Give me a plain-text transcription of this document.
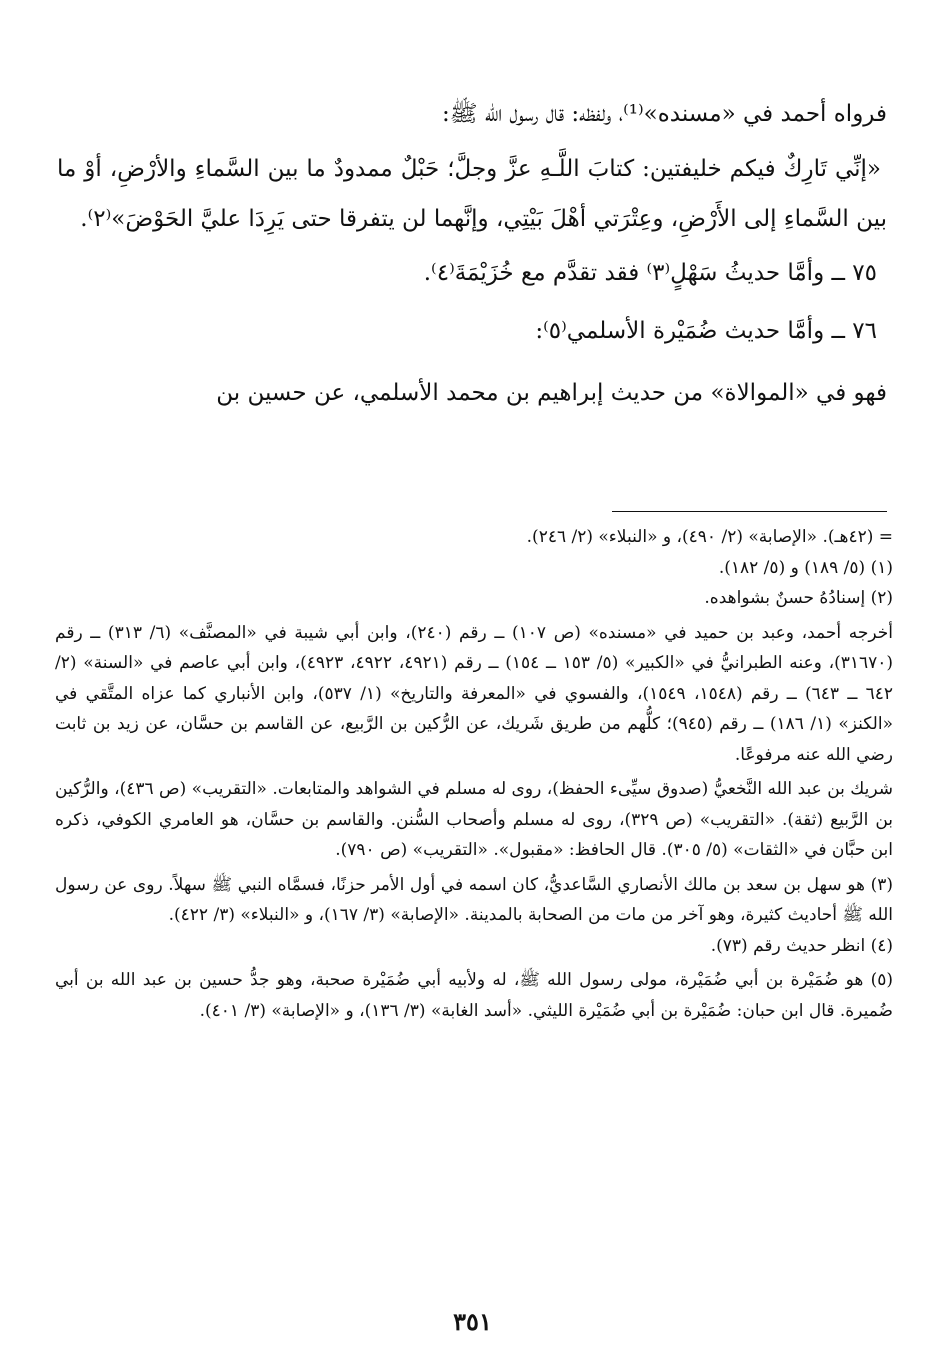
فرواه أحمد في «مسنده»⁽¹⁾، ولفظه: قال رسول الله ﷺ:

«إنِّي تَارِكٌ فيكم خليفتين: كتابَ اللَّـهِ عزَّ وجلَّ؛ حَبْلٌ ممدودٌ ما بين السَّماءِ والأرْضِ، أوْ ما بين السَّماءِ إلى الأَرْضِ، وعِتْرَتي أهْلَ بَيْتِي، وإنَّهما لن يتفرقا حتى يَرِدَا عليَّ الحَوْضَ»⁽٢⁾.

٧٥ ــ وأمَّا حديثُ سَهْلٍ⁽٣⁾ فقد تقدَّم مع خُزَيْمَةَ⁽٤⁾.

٧٦ ــ وأمَّا حديث ضُمَيْرة الأسلمي⁽٥⁾:

فهو في «الموالاة» من حديث إبراهيم بن محمد الأسلمي، عن حسين بن

= (٤٢هـ). «الإصابة» (٢/ ٤٩٠)، و «النبلاء» (٢/ ٢٤٦).

(١) (٥/ ١٨٩) و (٥/ ١٨٢).

(٢) إسنادُهُ حسنٌ بشواهده.

أخرجه أحمد، وعبد بن حميد في «مسنده» (ص ١٠٧) ــ رقم (٢٤٠)، وابن أبي شيبة في «المصنَّف» (٦/ ٣١٣) ــ رقم (٣١٦٧٠)، وعنه الطبرانيُّ في «الكبير» (٥/ ١٥٣ ــ ١٥٤) ــ رقم (٤٩٢١، ٤٩٢٢، ٤٩٢٣)، وابن أبي عاصم في «السنة» (٢/ ٦٤٢ ــ ٦٤٣) ــ رقم (١٥٤٨، ١٥٤٩)، والفسوي في «المعرفة والتاريخ» (١/ ٥٣٧)، وابن الأنباري كما عزاه المتَّقي في «الكنز» (١/ ١٨٦) ــ رقم (٩٤٥)؛ كلُّهم من طريق شَريك، عن الرُّكين بن الرَّبيع، عن القاسم بن حسَّان، عن زيد بن ثابت رضي الله عنه مرفوعًا.

شريك بن عبد الله النَّخعيُّ (صدوق سيِّىء الحفظ)، روى له مسلم في الشواهد والمتابعات. «التقريب» (ص ٤٣٦)، والرُّكين بن الرَّبيع (ثقة). «التقريب» (ص ٣٢٩)، روى له مسلم وأصحاب السُّنن. والقاسم بن حسَّان، هو العامري الكوفي، ذكره ابن حبَّان في «الثقات» (٥/ ٣٠٥). قال الحافظ: «مقبول». «التقريب» (ص ٧٩٠).

(٣) هو سهل بن سعد بن مالك الأنصاري السَّاعديُّ، كان اسمه في أول الأمر حزنًا، فسمَّاه النبي ﷺ سهلاً. روى عن رسول الله ﷺ أحاديث كثيرة، وهو آخر من مات من الصحابة بالمدينة. «الإصابة» (٣/ ١٦٧)، و «النبلاء» (٣/ ٤٢٢).

(٤) انظر حديث رقم (٧٣).

(٥) هو ضُمَيْرة بن أبي ضُمَيْرة، مولى رسول الله ﷺ، له ولأبيه أبي ضُمَيْرة صحبة، وهو جدُّ حسين بن عبد الله بن أبي ضُميرة. قال ابن حبان: ضُمَيْرة بن أبي ضُمَيْرة الليثي. «أسد الغابة» (٣/ ١٣٦)، و «الإصابة» (٣/ ٤٠١).

٣٥١
